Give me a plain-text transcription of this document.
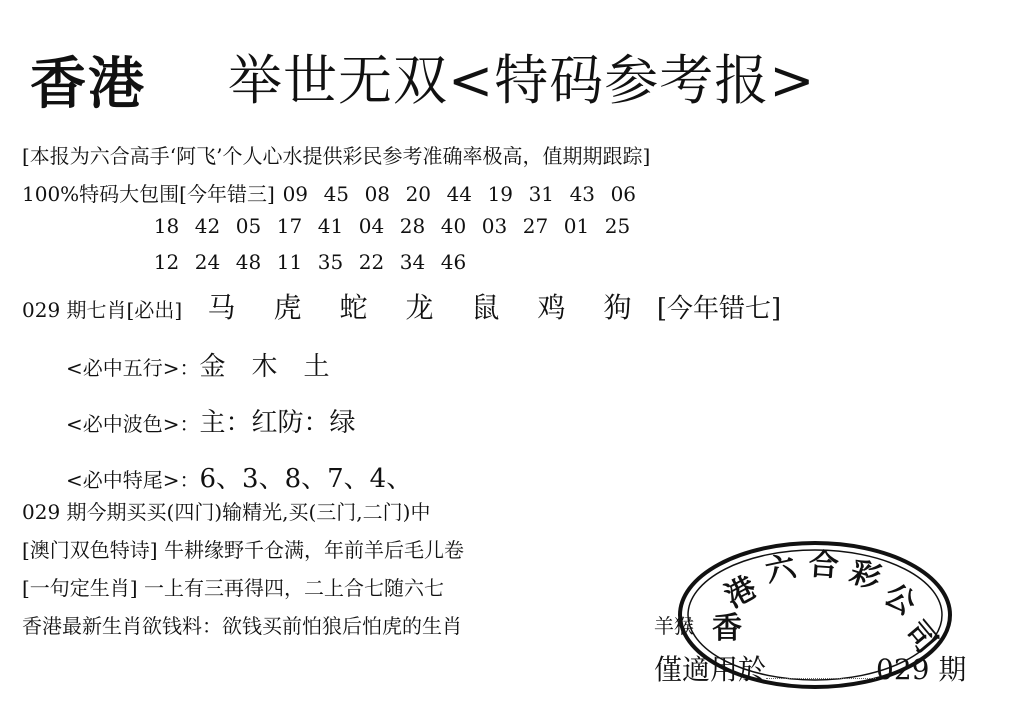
香港 举世无双<特码参考报>
[本报为六合高手‘阿飞’个人心水提供彩民参考准确率极高，值期期跟踪]
100%特码大包围[今年错三] 09 45 08 20 44 19 31 43 06
18 42 05 17 41 04 28 40 03 27 01 25
12 24 48 11 35 22 34 46
029 期七肖[必出] 马 虎 蛇 龙 鼠 鸡 狗 [今年错七]
<必中五行>：金　木　土
<必中波色>：主：红防：绿
<必中特尾>：6、3、8、7、4、
029 期今期买买(四门)输精光,买(三门,二门)中
[澳门双色特诗] 牛耕缘野千仓满，年前羊后毛儿卷
[一句定生肖] 一上有三再得四，二上合七随六七
香港最新生肖欲钱料：欲钱买前怕狼后怕虎的生肖	羊猴 香
港
六 合 彩
公
司
僅適用於	029 期
